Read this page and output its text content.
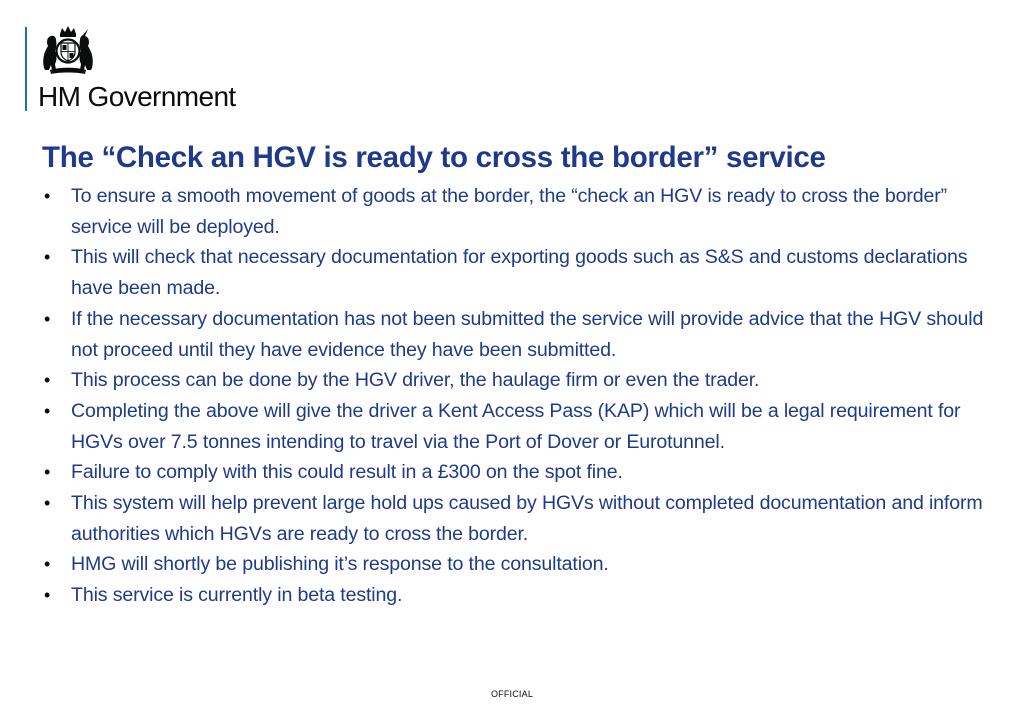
HM Government
The “Check an HGV is ready to cross the border” service
• To ensure a smooth movement of goods at the border, the “check an HGV is ready to cross the border” service will be deployed.
• This will check that necessary documentation for exporting goods such as S&S and customs declarations have been made.
• If the necessary documentation has not been submitted the service will provide advice that the HGV should not proceed until they have evidence they have been submitted.
• This process can be done by the HGV driver, the haulage firm or even the trader.
• Completing the above will give the driver a Kent Access Pass (KAP) which will be a legal requirement for HGVs over 7.5 tonnes intending to travel via the Port of Dover or Eurotunnel.
• Failure to comply with this could result in a £300 on the spot fine.
• This system will help prevent large hold ups caused by HGVs without completed documentation and inform authorities which HGVs are ready to cross the border.
• HMG will shortly be publishing it’s response to the consultation.
• This service is currently in beta testing.
OFFICIAL
